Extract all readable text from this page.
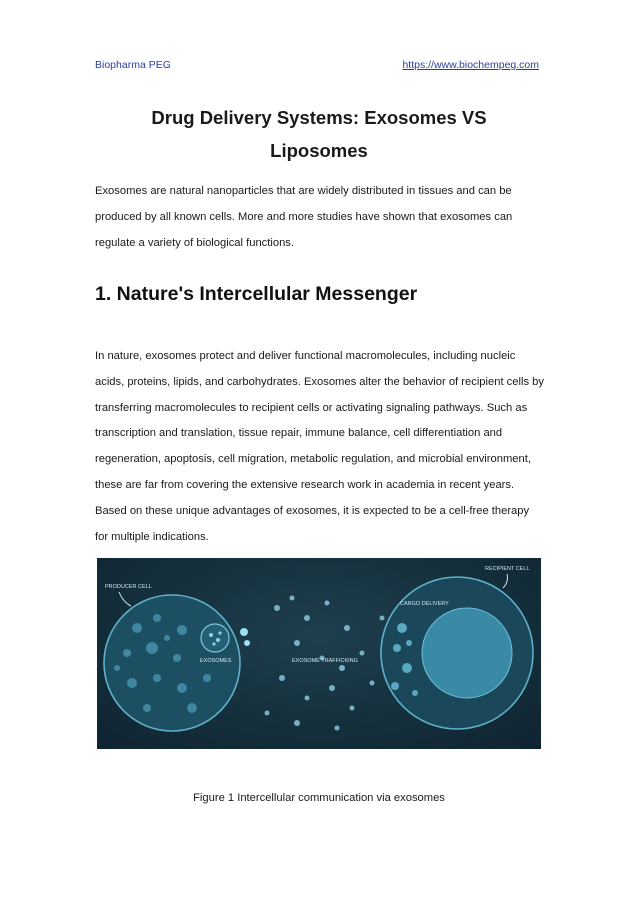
Biopharma PEG	https://www.biochempeg.com
Drug Delivery Systems: Exosomes VS
Liposomes
Exosomes are natural nanoparticles that are widely distributed in tissues and can be produced by all known cells. More and more studies have shown that exosomes can regulate a variety of biological functions.
1. Nature's Intercellular Messenger
In nature, exosomes protect and deliver functional macromolecules, including nucleic acids, proteins, lipids, and carbohydrates. Exosomes alter the behavior of recipient cells by transferring macromolecules to recipient cells or activating signaling pathways. Such as transcription and translation, tissue repair, immune balance, cell differentiation and regeneration, apoptosis, cell migration, metabolic regulation, and microbial environment, these are far from covering the extensive research work in academia in recent years. Based on these unique advantages of exosomes, it is expected to be a cell-free therapy for multiple indications.
PRODUCER CELL
RECIPIENT CELL
CARGO DELIVERY
EXOSOMES	EXOSOME TRAFFICKING
Figure 1 Intercellular communication via exosomes
